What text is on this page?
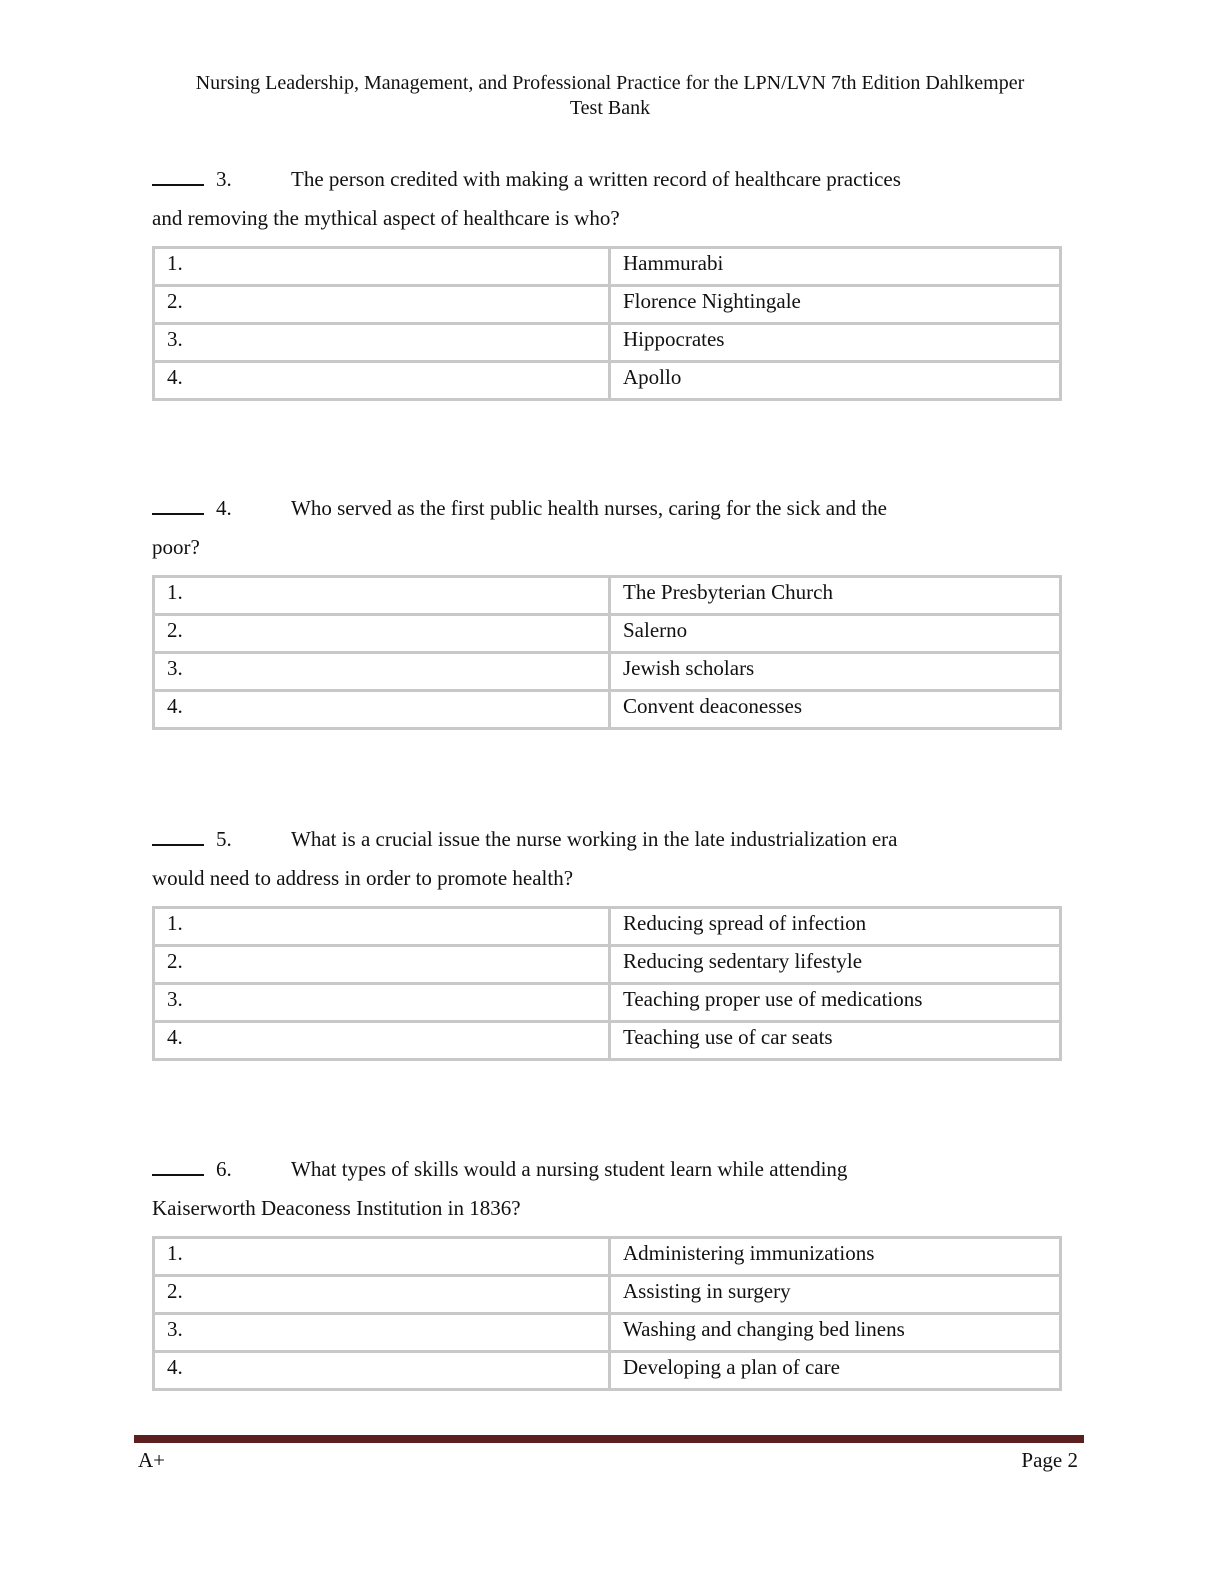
Nursing Leadership, Management, and Professional Practice for the LPN/LVN 7th Edition Dahlkemper
Test Bank

3.	The person credited with making a written record of healthcare practices
and removing the mythical aspect of healthcare is who?

1.	Hammurabi
2.	Florence Nightingale
3.	Hippocrates
4.	Apollo

4.	Who served as the first public health nurses, caring for the sick and the
poor?

1.	The Presbyterian Church
2.	Salerno
3.	Jewish scholars
4.	Convent deaconesses

5.	What is a crucial issue the nurse working in the late industrialization era
would need to address in order to promote health?

1.	Reducing spread of infection
2.	Reducing sedentary lifestyle
3.	Teaching proper use of medications
4.	Teaching use of car seats

6.	What types of skills would a nursing student learn while attending
Kaiserworth Deaconess Institution in 1836?

1.	Administering immunizations
2.	Assisting in surgery
3.	Washing and changing bed linens
4.	Developing a plan of care
A+	Page 2
